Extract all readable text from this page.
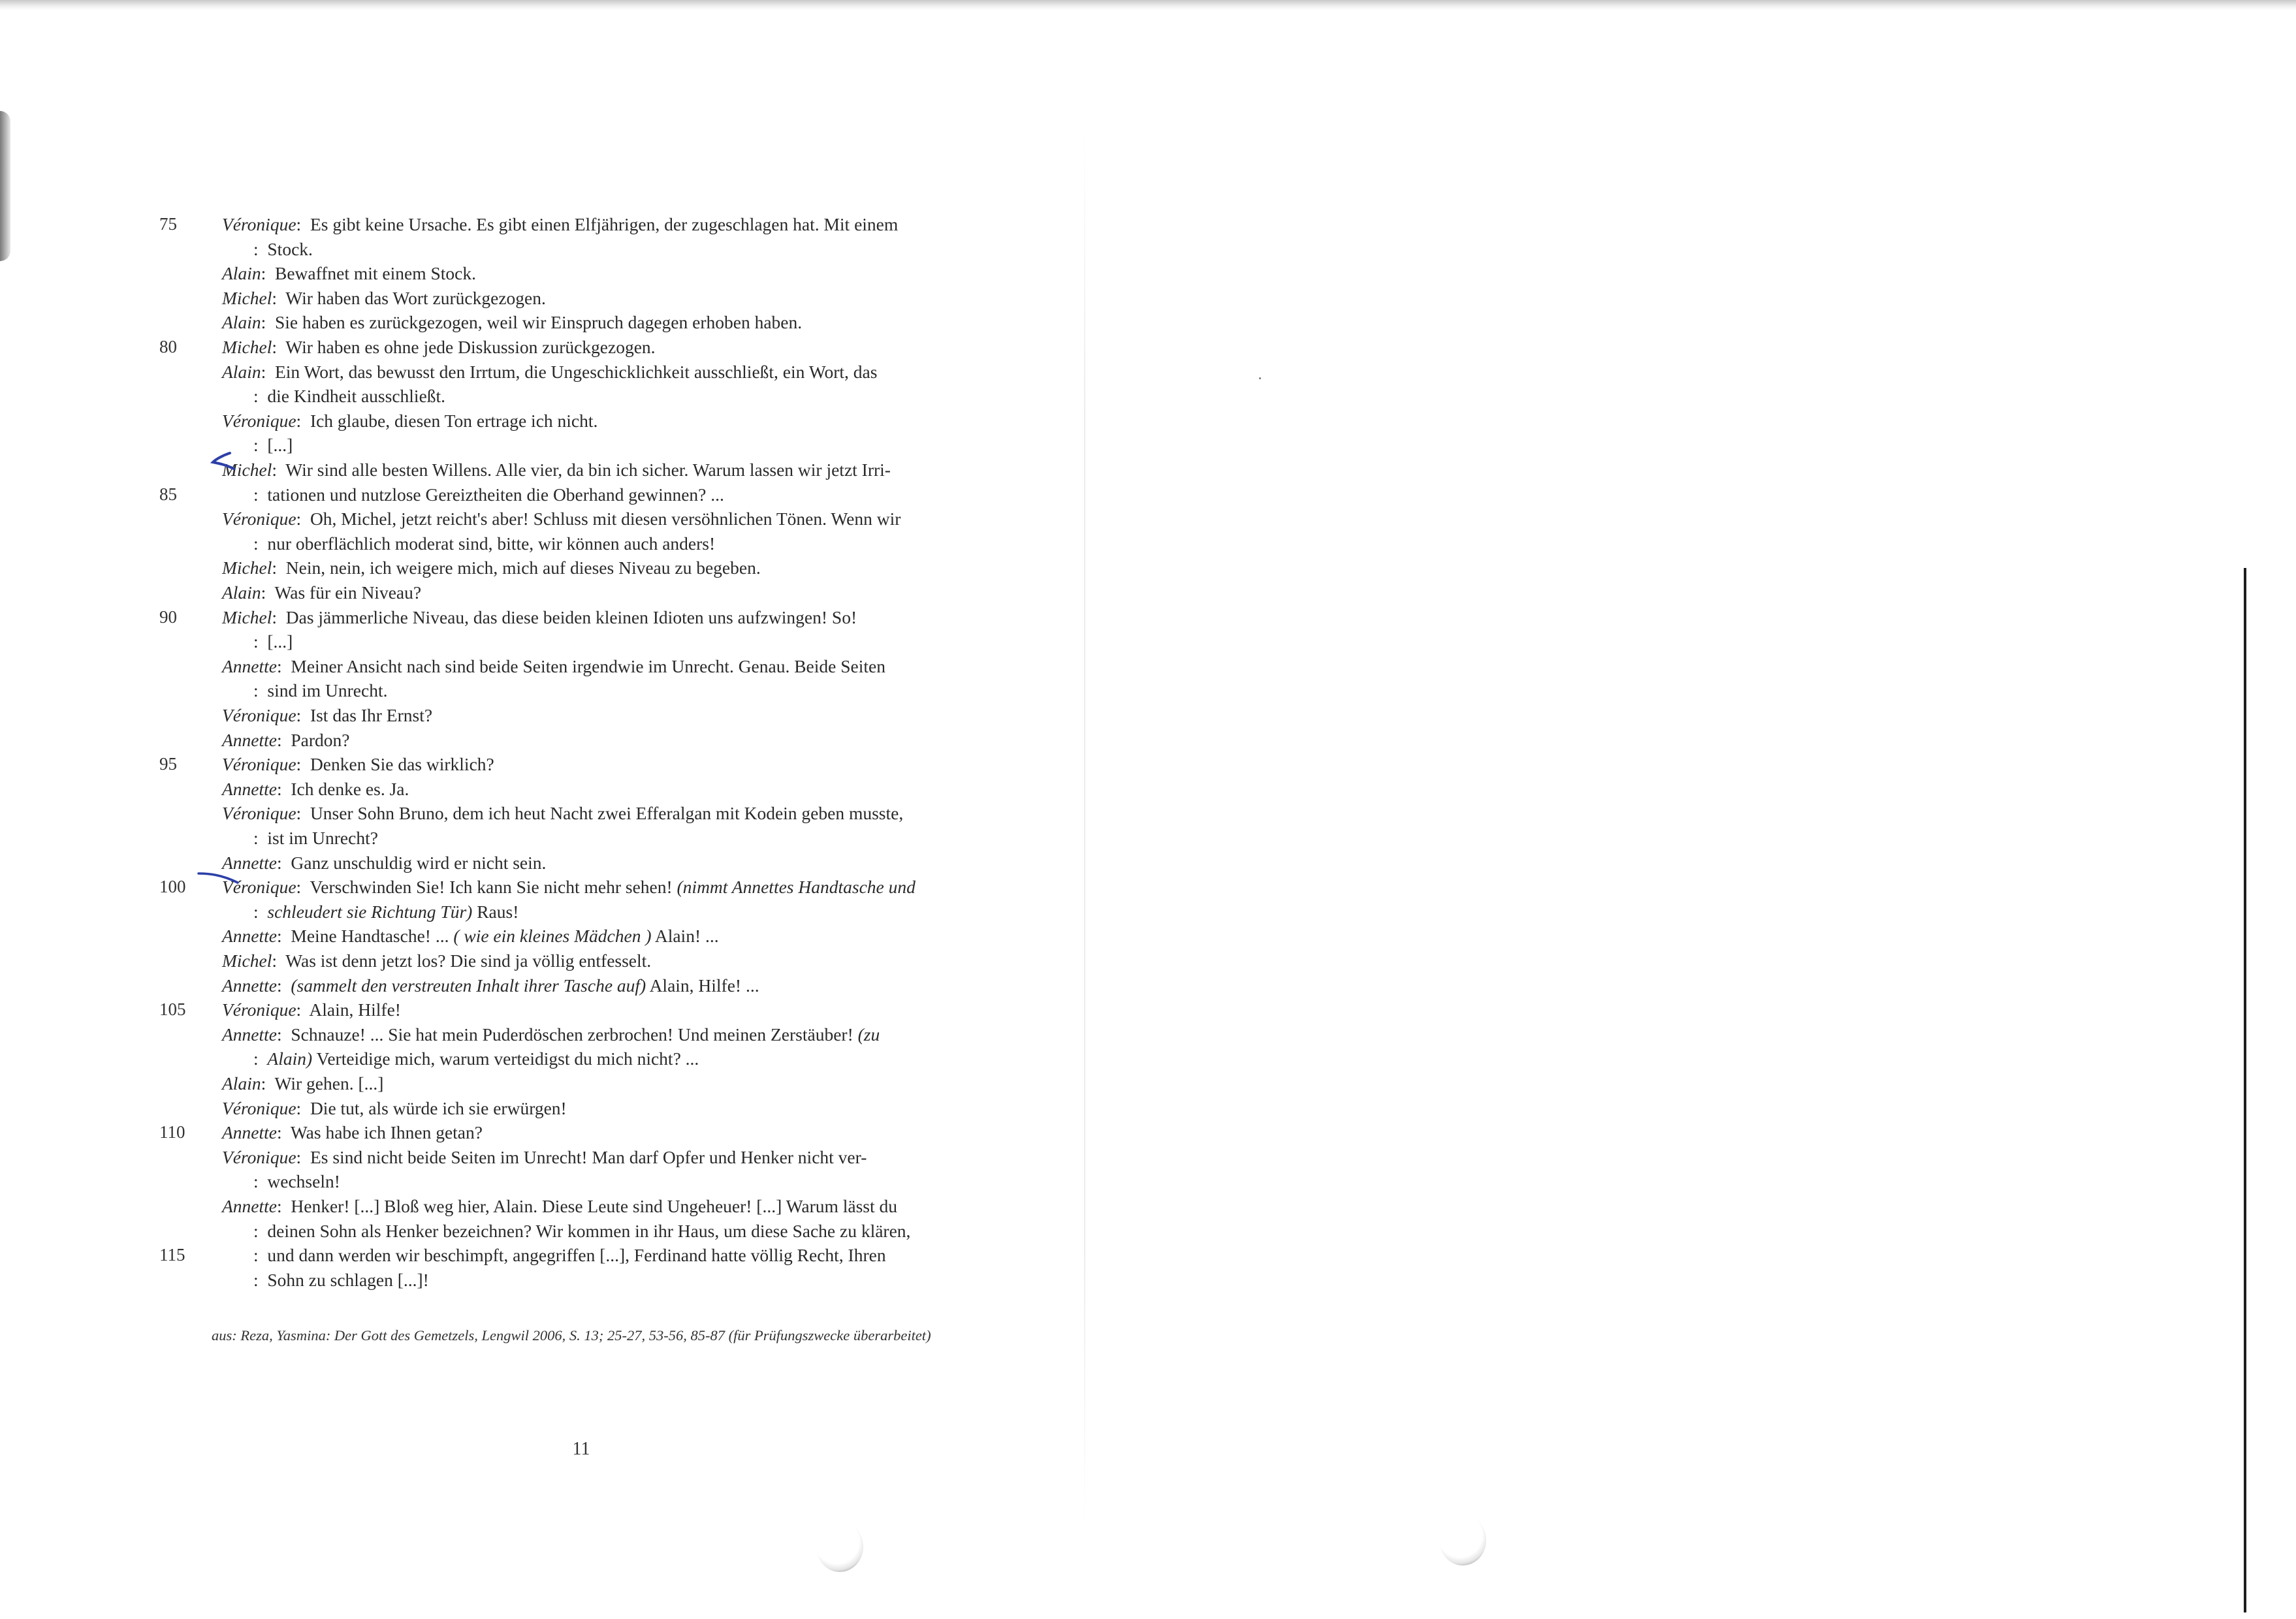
75	Véronique:  Es gibt keine Ursache. Es gibt einen Elfjährigen, der zugeschlagen hat. Mit einem
:  Stock.
Alain:  Bewaffnet mit einem Stock.
Michel:  Wir haben das Wort zurückgezogen.
Alain:  Sie haben es zurückgezogen, weil wir Einspruch dagegen erhoben haben.
80	Michel:  Wir haben es ohne jede Diskussion zurückgezogen.
Alain:  Ein Wort, das bewusst den Irrtum, die Ungeschicklichkeit ausschließt, ein Wort, das
:  die Kindheit ausschließt.
Véronique:  Ich glaube, diesen Ton ertrage ich nicht.
:  [...]
Michel:  Wir sind alle besten Willens. Alle vier, da bin ich sicher. Warum lassen wir jetzt Irri-
85	:  tationen und nutzlose Gereiztheiten die Oberhand gewinnen? ...
Véronique:  Oh, Michel, jetzt reicht's aber! Schluss mit diesen versöhnlichen Tönen. Wenn wir
:  nur oberflächlich moderat sind, bitte, wir können auch anders!
Michel:  Nein, nein, ich weigere mich, mich auf dieses Niveau zu begeben.
Alain:  Was für ein Niveau?
90	Michel:  Das jämmerliche Niveau, das diese beiden kleinen Idioten uns aufzwingen! So!
:  [...]
Annette:  Meiner Ansicht nach sind beide Seiten irgendwie im Unrecht. Genau. Beide Seiten
:  sind im Unrecht.
Véronique:  Ist das Ihr Ernst?
Annette:  Pardon?
95	Véronique:  Denken Sie das wirklich?
Annette:  Ich denke es. Ja.
Véronique:  Unser Sohn Bruno, dem ich heut Nacht zwei Efferalgan mit Kodein geben musste,
:  ist im Unrecht?
Annette:  Ganz unschuldig wird er nicht sein.
100	Véronique:  Verschwinden Sie! Ich kann Sie nicht mehr sehen! (nimmt Annettes Handtasche und
:  schleudert sie Richtung Tür) Raus!
Annette:  Meine Handtasche! ... ( wie ein kleines Mädchen ) Alain! ...
Michel:  Was ist denn jetzt los? Die sind ja völlig entfesselt.
Annette:  (sammelt den verstreuten Inhalt ihrer Tasche auf) Alain, Hilfe! ...
105	Véronique:  Alain, Hilfe!
Annette:  Schnauze! ... Sie hat mein Puderdöschen zerbrochen! Und meinen Zerstäuber! (zu
:  Alain) Verteidige mich, warum verteidigst du mich nicht? ...
Alain:  Wir gehen. [...]
Véronique:  Die tut, als würde ich sie erwürgen!
110	Annette:  Was habe ich Ihnen getan?
Véronique:  Es sind nicht beide Seiten im Unrecht! Man darf Opfer und Henker nicht ver-
:  wechseln!
Annette:  Henker! [...] Bloß weg hier, Alain. Diese Leute sind Ungeheuer! [...] Warum lässt du
:  deinen Sohn als Henker bezeichnen? Wir kommen in ihr Haus, um diese Sache zu klären,
115	:  und dann werden wir beschimpft, angegriffen [...], Ferdinand hatte völlig Recht, Ihren
:  Sohn zu schlagen [...]!
aus: Reza, Yasmina: Der Gott des Gemetzels, Lengwil 2006, S. 13; 25-27, 53-56, 85-87 (für Prüfungszwecke überarbeitet)
11
